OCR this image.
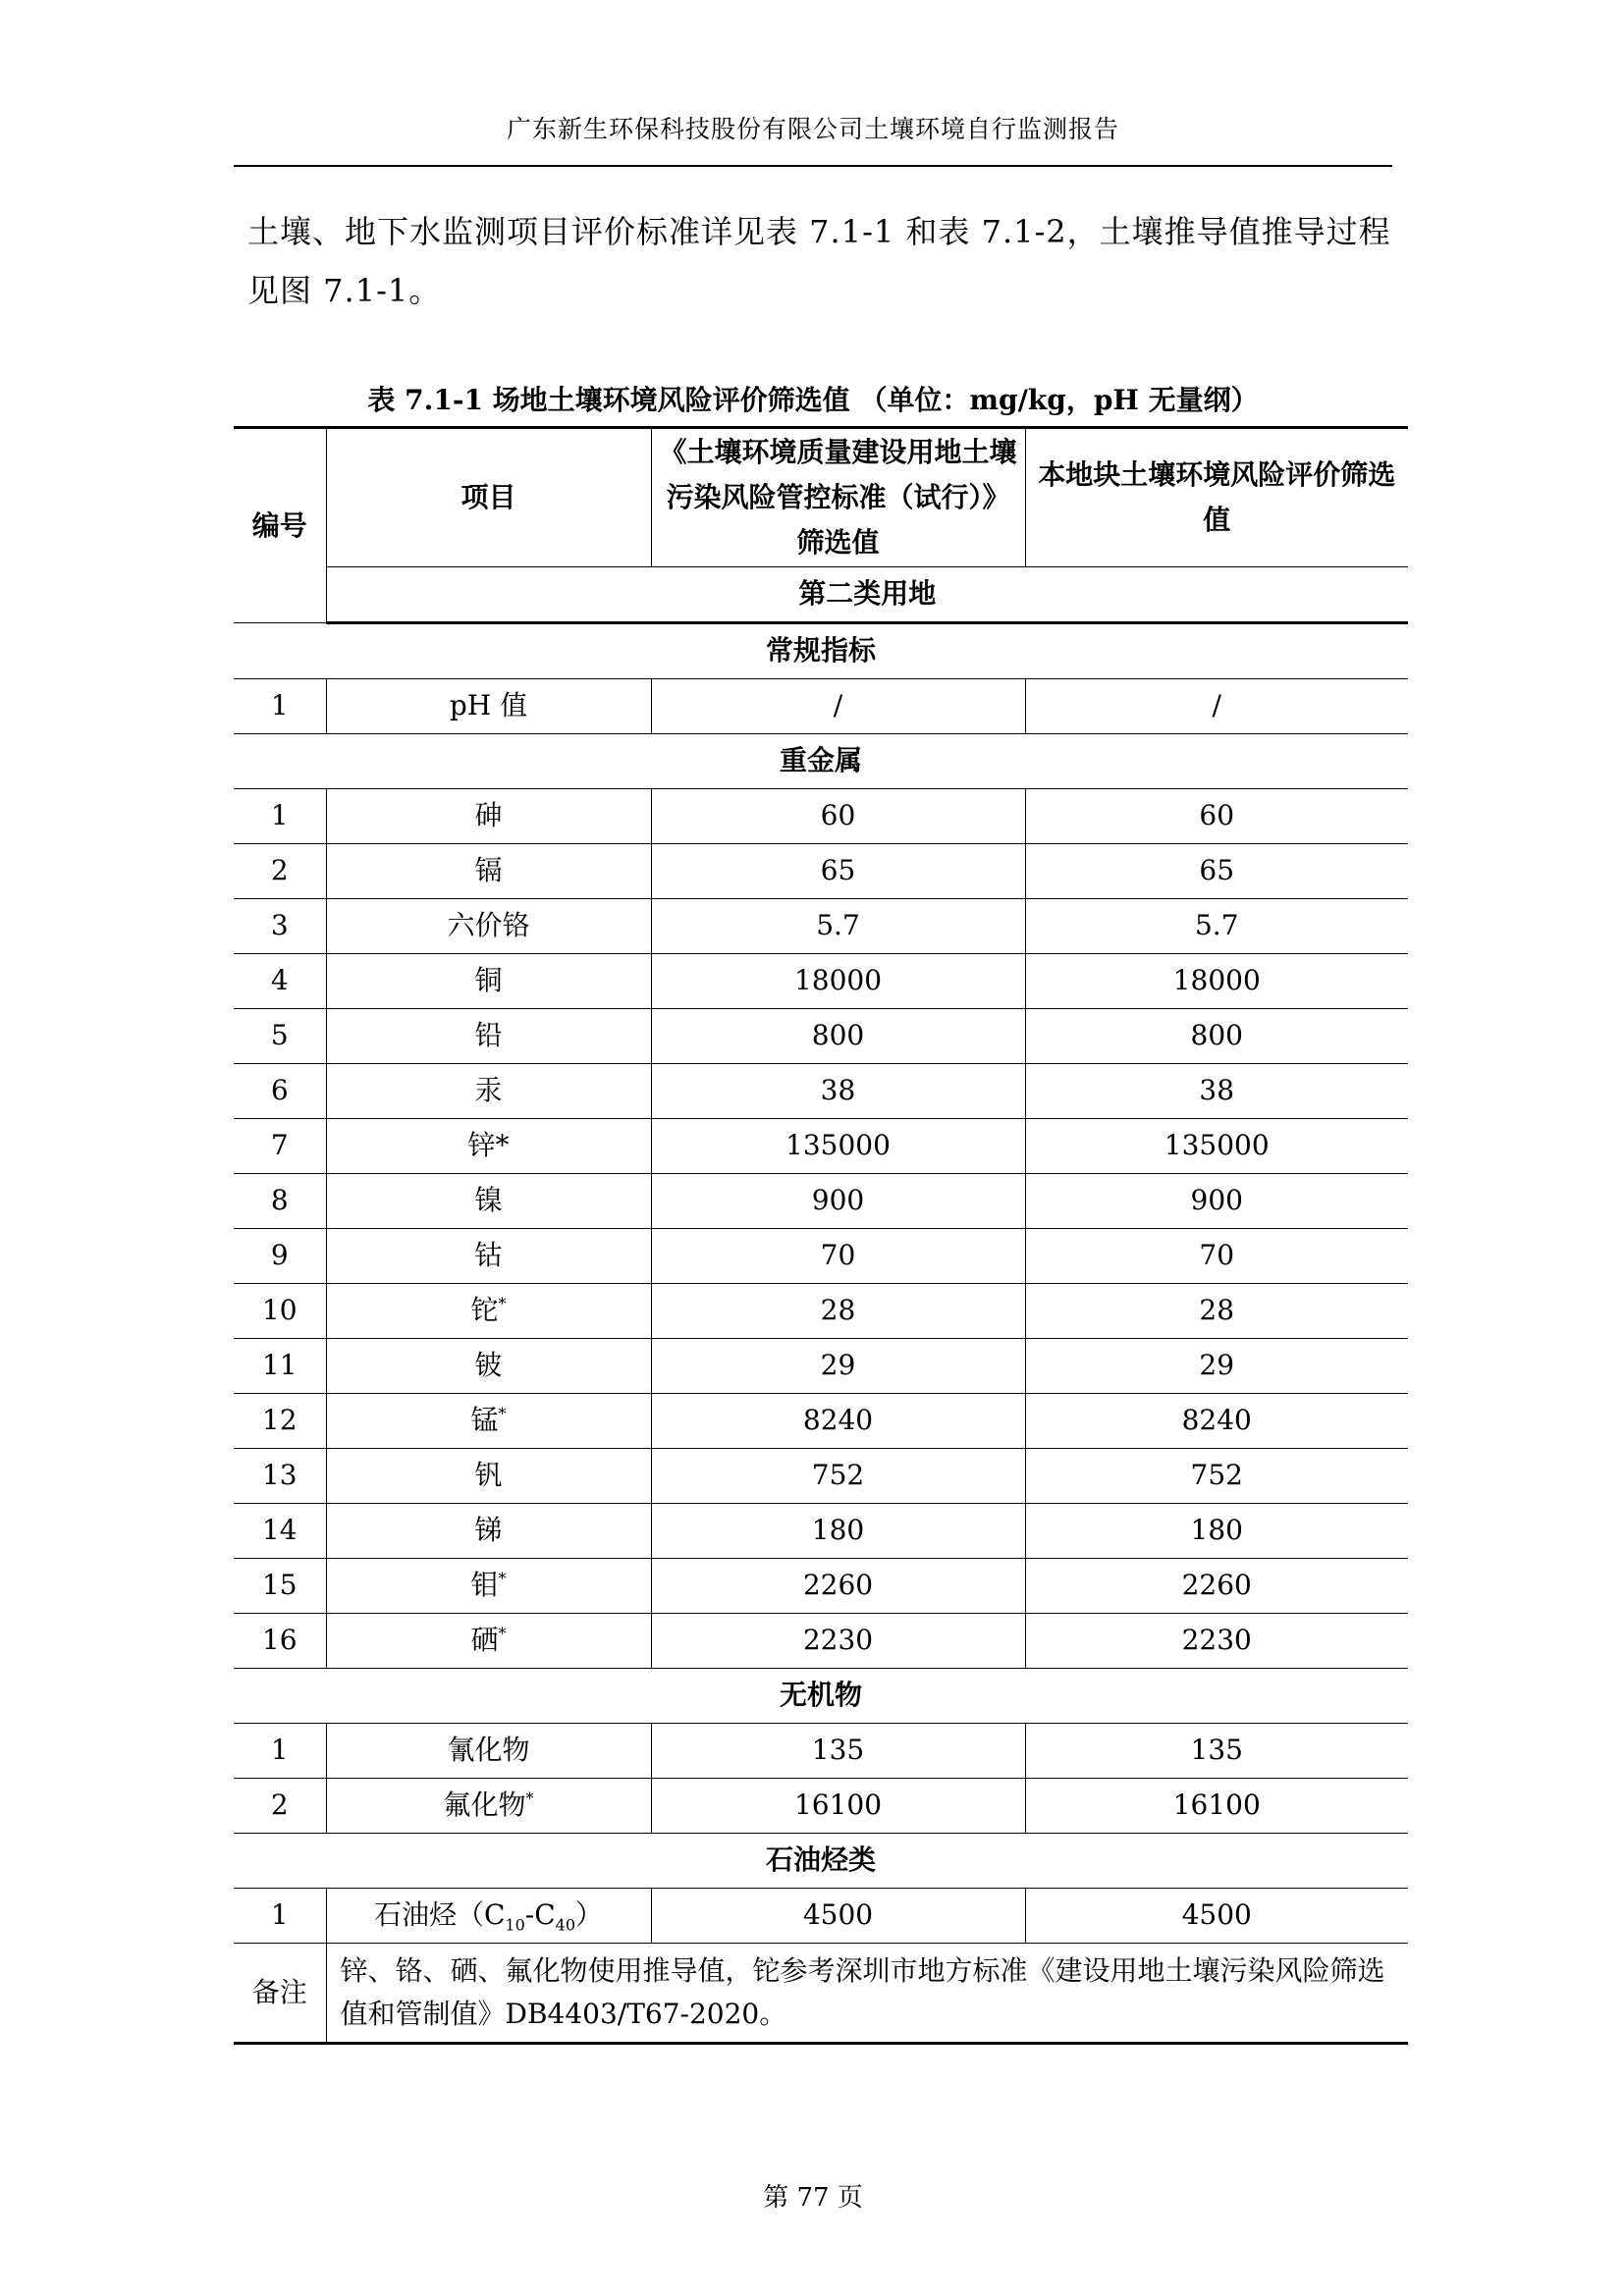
广东新生环保科技股份有限公司土壤环境自行监测报告
土壤、地下水监测项目评价标准详见表 7.1-1 和表 7.1-2，土壤推导值推导过程见图 7.1-1。
表 7.1-1 场地土壤环境风险评价筛选值 （单位：mg/kg，pH 无量纲）
编号	项目	《土壤环境质量建设用地土壤污染风险管控标准（试行）》筛选值	本地块土壤环境风险评价筛选值
	第二类用地		
常规指标			
1	pH 值	/	/
重金属			
1	砷	60	60
2	镉	65	65
3	六价铬	5.7	5.7
4	铜	18000	18000
5	铅	800	800
6	汞	38	38
7	锌*	135000	135000
8	镍	900	900
9	钴	70	70
10	铊*	28	28
11	铍	29	29
12	锰*	8240	8240
13	钒	752	752
14	锑	180	180
15	钼*	2260	2260
16	硒*	2230	2230
无机物			
1	氰化物	135	135
2	氟化物*	16100	16100
石油烃类			
1	石油烃$(C_{10}-C_{40})$	4500	4500
备注	锌、铬、硒、氟化物使用推导值，铊参考深圳市地方标准《建设用地土壤污染风险筛选值和管制值》DB4403/T67-2020。		
第 77 页
